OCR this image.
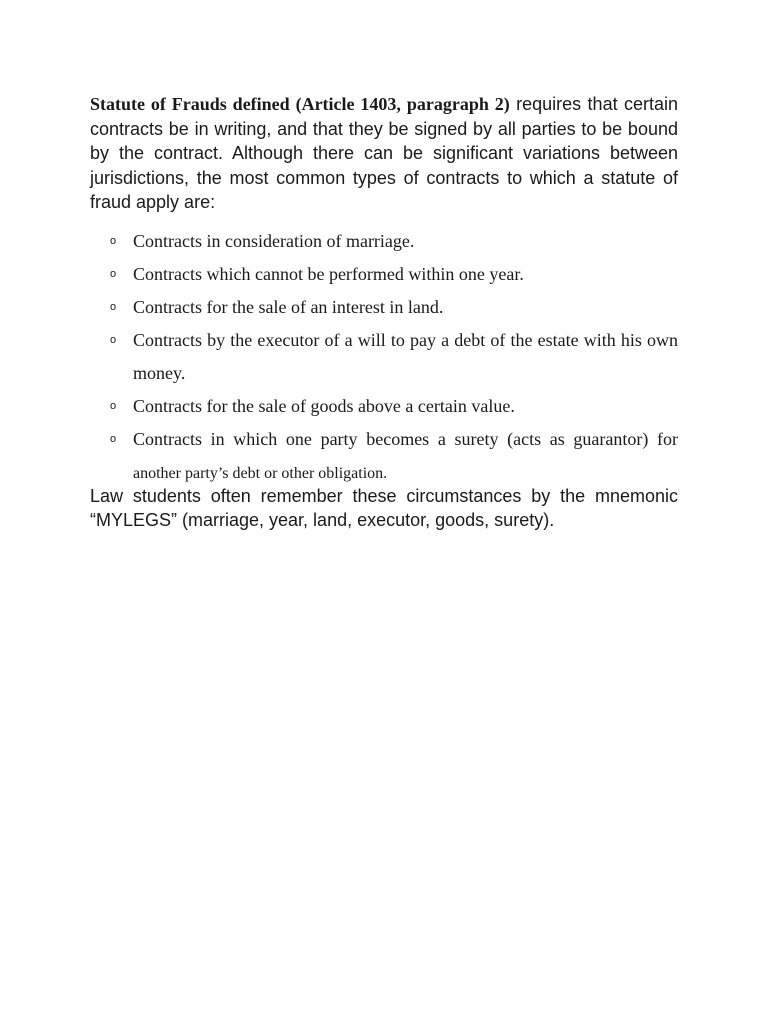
Statute of Frauds defined (Article 1403, paragraph 2) requires that certain contracts be in writing, and that they be signed by all parties to be bound by the contract. Although there can be significant variations between jurisdictions, the most common types of contracts to which a statute of fraud apply are:

o Contracts in consideration of marriage.
o Contracts which cannot be performed within one year.
o Contracts for the sale of an interest in land.
o Contracts by the executor of a will to pay a debt of the estate with his own money.
o Contracts for the sale of goods above a certain value.
o Contracts in which one party becomes a surety (acts as guarantor) for another party’s debt or other obligation.

Law students often remember these circumstances by the mnemonic “MYLEGS” (marriage, year, land, executor, goods, surety).
